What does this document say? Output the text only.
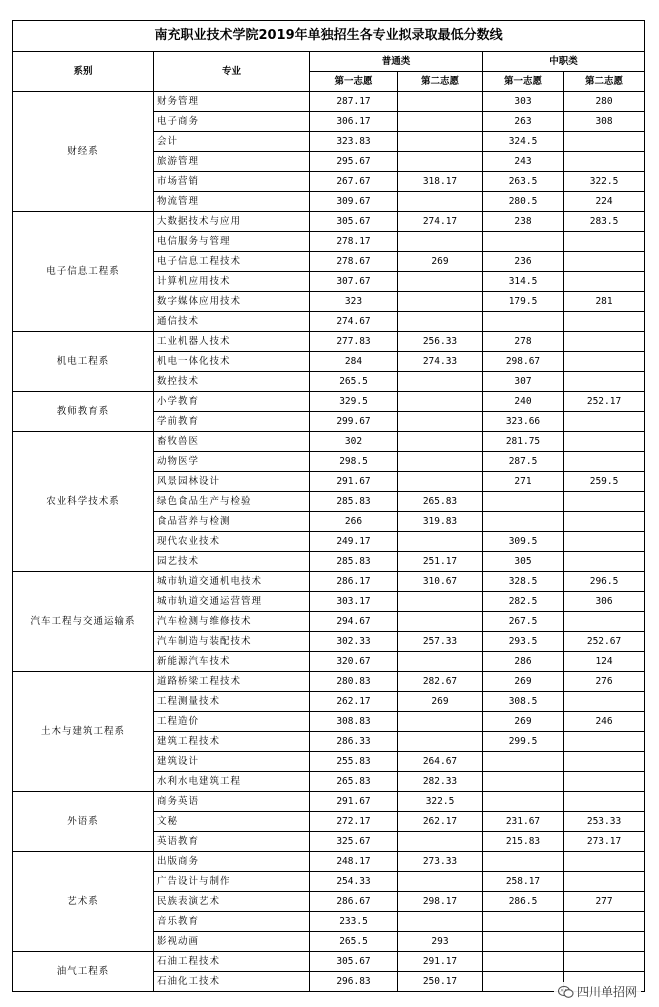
南充职业技术学院2019年单独招生各专业拟录取最低分数线					
系别	专业	普通类		中职类	
		第一志愿	第二志愿	第一志愿	第二志愿
财经系	财务管理	287.17		303	280
	电子商务	306.17		263	308
	会计	323.83		324.5	
	旅游管理	295.67		243	
	市场营销	267.67	318.17	263.5	322.5
	物流管理	309.67		280.5	224
电子信息工程系	大数据技术与应用	305.67	274.17	238	283.5
	电信服务与管理	278.17			
	电子信息工程技术	278.67	269	236	
	计算机应用技术	307.67		314.5	
	数字媒体应用技术	323		179.5	281
	通信技术	274.67			
机电工程系	工业机器人技术	277.83	256.33	278	
	机电一体化技术	284	274.33	298.67	
	数控技术	265.5		307	
教师教育系	小学教育	329.5		240	252.17
	学前教育	299.67		323.66	
农业科学技术系	畜牧兽医	302		281.75	
	动物医学	298.5		287.5	
	风景园林设计	291.67		271	259.5
	绿色食品生产与检验	285.83	265.83		
	食品营养与检测	266	319.83		
	现代农业技术	249.17		309.5	
	园艺技术	285.83	251.17	305	
汽车工程与交通运输系	城市轨道交通机电技术	286.17	310.67	328.5	296.5
	城市轨道交通运营管理	303.17		282.5	306
	汽车检测与维修技术	294.67		267.5	
	汽车制造与装配技术	302.33	257.33	293.5	252.67
	新能源汽车技术	320.67		286	124
土木与建筑工程系	道路桥梁工程技术	280.83	282.67	269	276
	工程测量技术	262.17	269	308.5	
	工程造价	308.83		269	246
	建筑工程技术	286.33		299.5	
	建筑设计	255.83	264.67		
	水利水电建筑工程	265.83	282.33		
外语系	商务英语	291.67	322.5		
	文秘	272.17	262.17	231.67	253.33
	英语教育	325.67		215.83	273.17
艺术系	出版商务	248.17	273.33		
	广告设计与制作	254.33		258.17	
	民族表演艺术	286.67	298.17	286.5	277
	音乐教育	233.5			
	影视动画	265.5	293		
油气工程系	石油工程技术	305.67	291.17		
	石油化工技术	296.83	250.17		
四川单招网
